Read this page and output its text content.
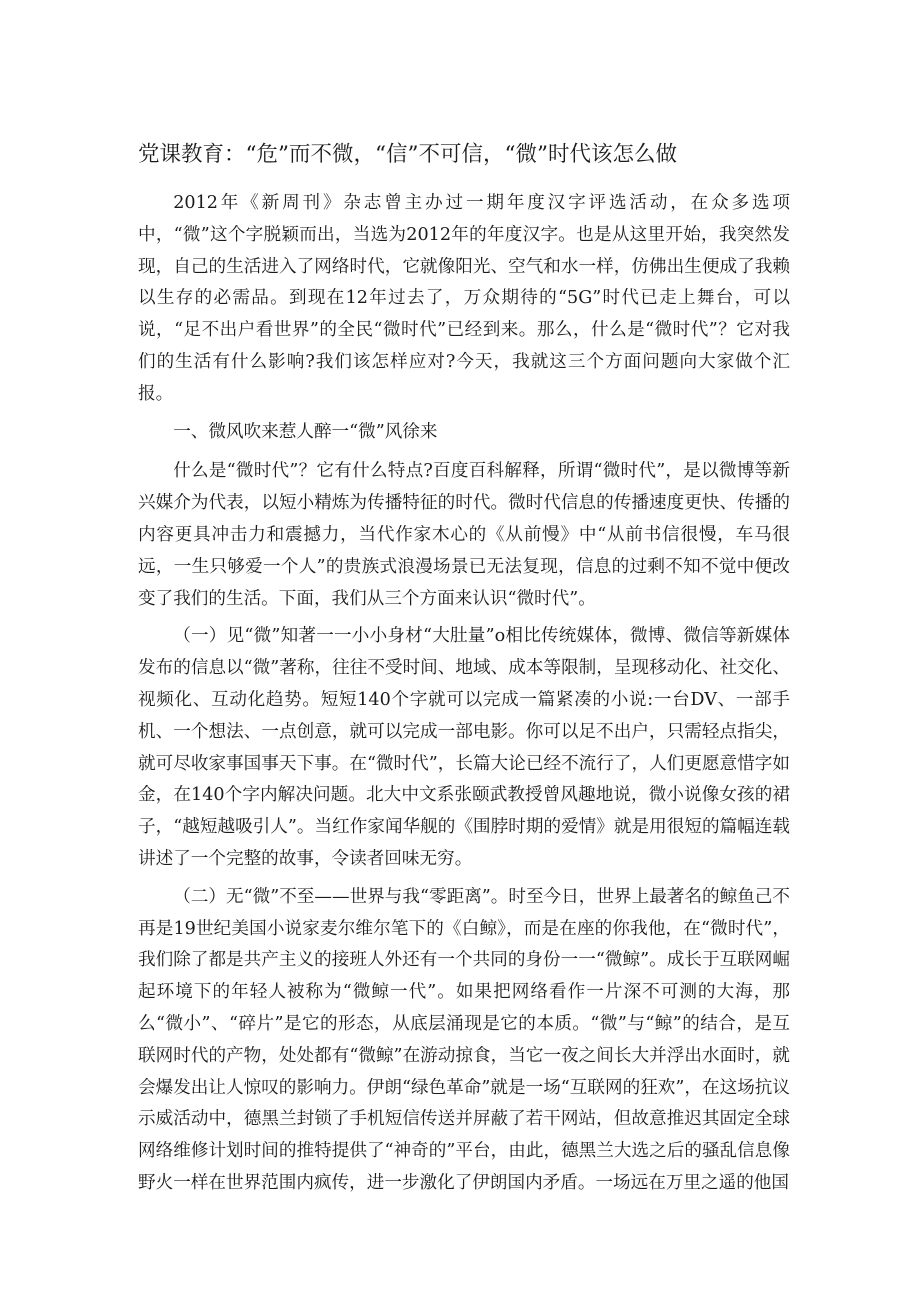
党课教育：“危”而不微，“信”不可信，“微”时代该怎么做

2012年《新周刊》杂志曾主办过一期年度汉字评选活动，在众多选项中，“微”这个字脱颖而出，当选为2012年的年度汉字。也是从这里开始，我突然发现，自己的生活进入了网络时代，它就像阳光、空气和水一样，仿佛出生便成了我赖以生存的必需品。到现在12年过去了，万众期待的“5G”时代已走上舞台，可以说，“足不出户看世界”的全民“微时代”已经到来。那么，什么是“微时代”？它对我们的生活有什么影响?我们该怎样应对?今天，我就这三个方面问题向大家做个汇报。

一、微风吹来惹人醉一“微”风徐来

什么是“微时代”？它有什么特点?百度百科解释，所谓“微时代”，是以微博等新兴媒介为代表，以短小精炼为传播特征的时代。微时代信息的传播速度更快、传播的内容更具冲击力和震撼力，当代作家木心的《从前慢》中“从前书信很慢，车马很远，一生只够爱一个人”的贵族式浪漫场景已无法复现，信息的过剩不知不觉中便改变了我们的生活。下面，我们从三个方面来认识“微时代”。

（一）见“微”知著一一小小身材“大肚量”o相比传统媒体，微博、微信等新媒体发布的信息以“微”著称，往往不受时间、地域、成本等限制，呈现移动化、社交化、视频化、互动化趋势。短短140个字就可以完成一篇紧凑的小说:一台DV、一部手机、一个想法、一点创意，就可以完成一部电影。你可以足不出户，只需轻点指尖，就可尽收家事国事天下事。在“微时代”，长篇大论已经不流行了，人们更愿意惜字如金，在140个字内解决问题。北大中文系张颐武教授曾风趣地说，微小说像女孩的裙子，“越短越吸引人”。当红作家闻华舰的《围脖时期的爱情》就是用很短的篇幅连载讲述了一个完整的故事，令读者回味无穷。

（二）无“微”不至——世界与我“零距离”。时至今日，世界上最著名的鲸鱼己不再是19世纪美国小说家麦尔维尔笔下的《白鲸》，而是在座的你我他，在“微时代”，我们除了都是共产主义的接班人外还有一个共同的身份一一“微鲸”。成长于互联网崛起环境下的年轻人被称为“微鲸一代”。如果把网络看作一片深不可测的大海，那么“微小”、“碎片”是它的形态，从底层涌现是它的本质。“微”与“鲸”的结合，是互联网时代的产物，处处都有“微鲸”在游动掠食，当它一夜之间长大并浮出水面时，就会爆发出让人惊叹的影响力。伊朗“绿色革命”就是一场“互联网的狂欢”，在这场抗议示威活动中，德黑兰封锁了手机短信传送并屏蔽了若干网站，但故意推迟其固定全球网络维修计划时间的推特提供了“神奇的”平台，由此，德黑兰大选之后的骚乱信息像野火一样在世界范围内疯传，进一步激化了伊朗国内矛盾。一场远在万里之遥的他国
